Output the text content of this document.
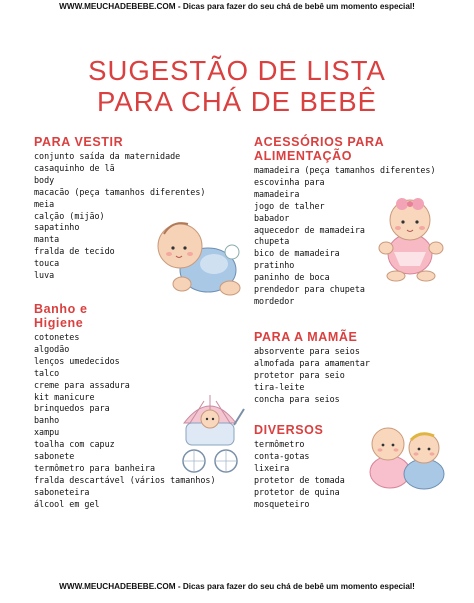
WWW.MEUCHADEBEBE.COM - Dicas para fazer do seu chá de bebê um momento especial!
SUGESTÃO DE LISTA
PARA CHÁ DE BEBÊ
PARA VESTIR
conjunto saída da maternidade
casaquinho de lã
body
macacão (peça tamanhos diferentes)
meia
calção (mijão)
sapatinho
manta
fralda de tecido
touca
luva
Banho e
Higiene
cotonetes
algodão
lenços umedecidos
talco
creme para assadura
kit manicure
brinquedos para
banho
xampu
toalha com capuz
sabonete
termômetro para banheira
fralda descartável (vários tamanhos)
saboneteira
álcool em gel
ACESSÓRIOS PARA
ALIMENTAÇÃO
mamadeira (peça tamanhos diferentes)
escovinha para
mamadeira
jogo de talher
babador
aquecedor de mamadeira
chupeta
bico de mamadeira
pratinho
paninho de boca
prendedor para chupeta
mordedor
PARA A MAMÃE
absorvente para seios
almofada para amamentar
protetor para seio
tira-leite
concha para seios
DIVERSOS
termômetro
conta-gotas
lixeira
protetor de tomada
protetor de quina
mosqueteiro
WWW.MEUCHADEBEBE.COM - Dicas para fazer do seu chá de bebê um momento especial!
